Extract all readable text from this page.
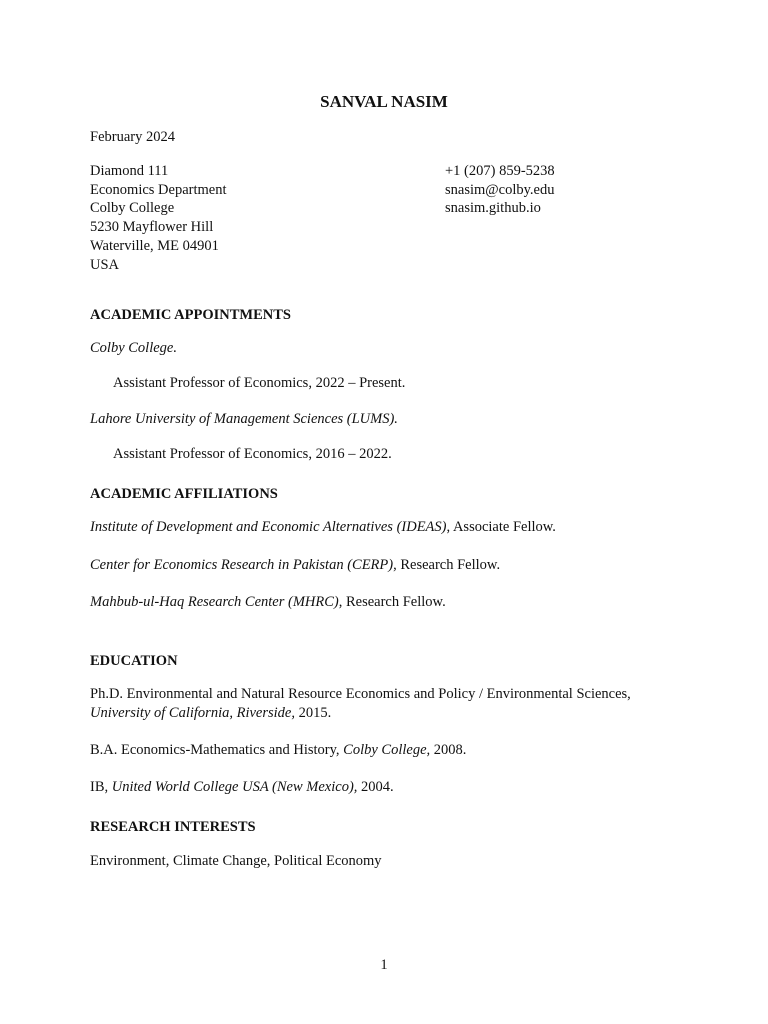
SANVAL NASIM
February 2024
Diamond 111
Economics Department
Colby College
5230 Mayflower Hill
Waterville, ME 04901
USA
+1 (207) 859-5238
snasim@colby.edu
snasim.github.io
ACADEMIC APPOINTMENTS
Colby College.
Assistant Professor of Economics, 2022 – Present.
Lahore University of Management Sciences (LUMS).
Assistant Professor of Economics, 2016 – 2022.
ACADEMIC AFFILIATIONS
Institute of Development and Economic Alternatives (IDEAS), Associate Fellow.
Center for Economics Research in Pakistan (CERP), Research Fellow.
Mahbub-ul-Haq Research Center (MHRC), Research Fellow.
EDUCATION
Ph.D. Environmental and Natural Resource Economics and Policy / Environmental Sciences, University of California, Riverside, 2015.
B.A. Economics-Mathematics and History, Colby College, 2008.
IB, United World College USA (New Mexico), 2004.
RESEARCH INTERESTS
Environment, Climate Change, Political Economy
1
